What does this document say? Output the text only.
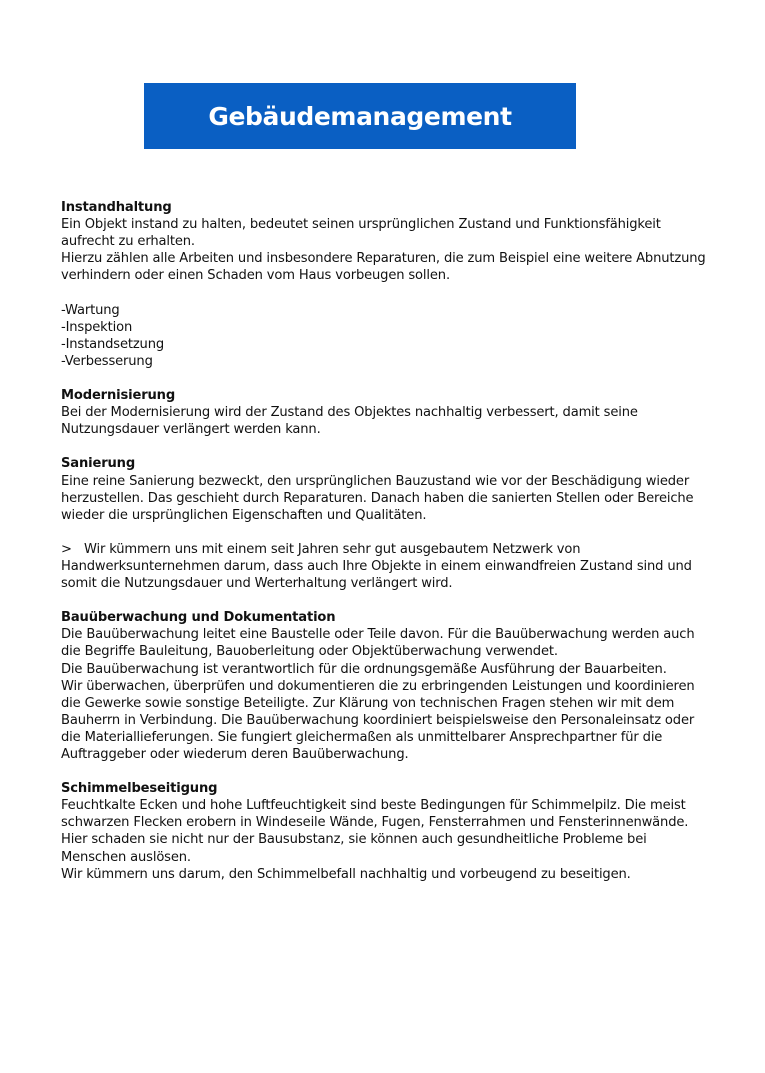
Gebäudemanagement
Instandhaltung

Ein Objekt instand zu halten, bedeutet seinen ursprünglichen Zustand und Funktionsfähigkeit aufrecht zu erhalten.

Hierzu zählen alle Arbeiten und insbesondere Reparaturen, die zum Beispiel eine weitere Abnutzung verhindern oder einen Schaden vom Haus vorbeugen sollen.

-Wartung
-Inspektion
-Instandsetzung
-Verbesserung
Modernisierung

Bei der Modernisierung wird der Zustand des Objektes nachhaltig verbessert, damit seine Nutzungsdauer verlängert werden kann.

Sanierung

Eine reine Sanierung bezweckt, den ursprünglichen Bauzustand wie vor der Beschädigung wieder herzustellen. Das geschieht durch Reparaturen. Danach haben die sanierten Stellen oder Bereiche wieder die ursprünglichen Eigenschaften und Qualitäten.

> Wir kümmern uns mit einem seit Jahren sehr gut ausgebautem Netzwerk von Handwerksunternehmen darum, dass auch Ihre Objekte in einem einwandfreien Zustand sind und somit die Nutzungsdauer und Werterhaltung verlängert wird.

Bauüberwachung und Dokumentation

Die Bauüberwachung leitet eine Baustelle oder Teile davon. Für die Bauüberwachung werden auch die Begriffe Bauleitung, Bauoberleitung oder Objektüberwachung verwendet.

Die Bauüberwachung ist verantwortlich für die ordnungsgemäße Ausführung der Bauarbeiten.

Wir überwachen, überprüfen und dokumentieren die zu erbringenden Leistungen und koordinieren die Gewerke sowie sonstige Beteiligte. Zur Klärung von technischen Fragen stehen wir mit dem Bauherrn in Verbindung. Die Bauüberwachung koordiniert beispielsweise den Personaleinsatz oder die Materiallieferungen. Sie fungiert gleichermaßen als unmittelbarer Ansprechpartner für die Auftraggeber oder wiederum deren Bauüberwachung.

Schimmelbeseitigung

Feuchtkalte Ecken und hohe Luftfeuchtigkeit sind beste Bedingungen für Schimmelpilz. Die meist schwarzen Flecken erobern in Windeseile Wände, Fugen, Fensterrahmen und Fensterinnenwände. Hier schaden sie nicht nur der Bausubstanz, sie können auch gesundheitliche Probleme bei Menschen auslösen.

Wir kümmern uns darum, den Schimmelbefall nachhaltig und vorbeugend zu beseitigen.
